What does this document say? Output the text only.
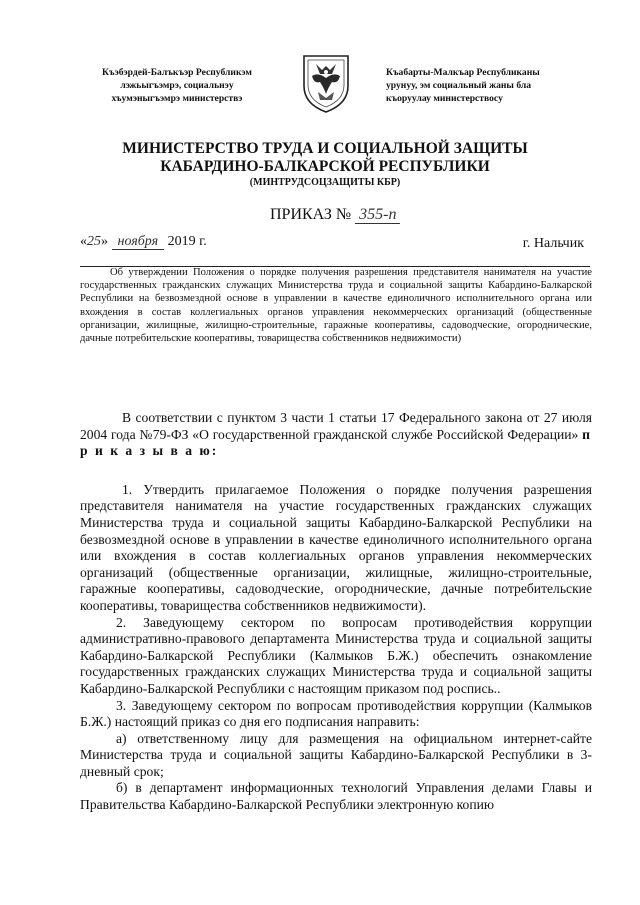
Къэбэрдей-Балъкъэр Республикэм
лэжьыгъэмрэ, социальнэу
хъумэныгъэмрэ министерствэ
Къабарты-Малкъар Республиканы
урунуу, эм социальный жаны бла
къоруулау министерствосу
МИНИСТЕРСТВО ТРУДА И СОЦИАЛЬНОЙ ЗАЩИТЫ
КАБАРДИНО-БАЛКАРСКОЙ РЕСПУБЛИКИ
(МИНТРУДСОЦЗАЩИТЫ КБР)
ПРИКАЗ № 355-п
«25» ноября 2019 г.	г. Нальчик
Об утверждении Положения о порядке получения разрешения представителя нанимателя на участие государственных гражданских служащих Министерства труда и социальной защиты Кабардино-Балкарской Республики на безвозмездной основе в управлении в качестве единоличного исполнительного органа или вхождения в состав коллегиальных органов управления некоммерческих организаций (общественные организации, жилищные, жилищно-строительные, гаражные кооперативы, садоводческие, огороднические, дачные потребительские кооперативы, товарищества собственников недвижимости)

В соответствии с пунктом 3 части 1 статьи 17 Федерального закона от 27 июля 2004 года №79-ФЗ «О государственной гражданской службе Российской Федерации» п р и к а з ы в а ю:

1. Утвердить прилагаемое Положения о порядке получения разрешения представителя нанимателя на участие государственных гражданских служащих Министерства труда и социальной защиты Кабардино-Балкарской Республики на безвозмездной основе в управлении в качестве единоличного исполнительного органа или вхождения в состав коллегиальных органов управления некоммерческих организаций (общественные организации, жилищные, жилищно-строительные, гаражные кооперативы, садоводческие, огороднические, дачные потребительские кооперативы, товарищества собственников недвижимости).

2. Заведующему сектором по вопросам противодействия коррупции административно-правового департамента Министерства труда и социальной защиты Кабардино-Балкарской Республики (Калмыков Б.Ж.) обеспечить ознакомление государственных гражданских служащих Министерства труда и социальной защиты Кабардино-Балкарской Республики с настоящим приказом под роспись..

3. Заведующему сектором по вопросам противодействия коррупции (Калмыков Б.Ж.) настоящий приказ со дня его подписания направить:

а) ответственному лицу для размещения на официальном интернет-сайте Министерства труда и социальной защиты Кабардино-Балкарской Республики в 3-дневный срок;

б) в департамент информационных технологий Управления делами Главы и Правительства Кабардино-Балкарской Республики электронную копию
